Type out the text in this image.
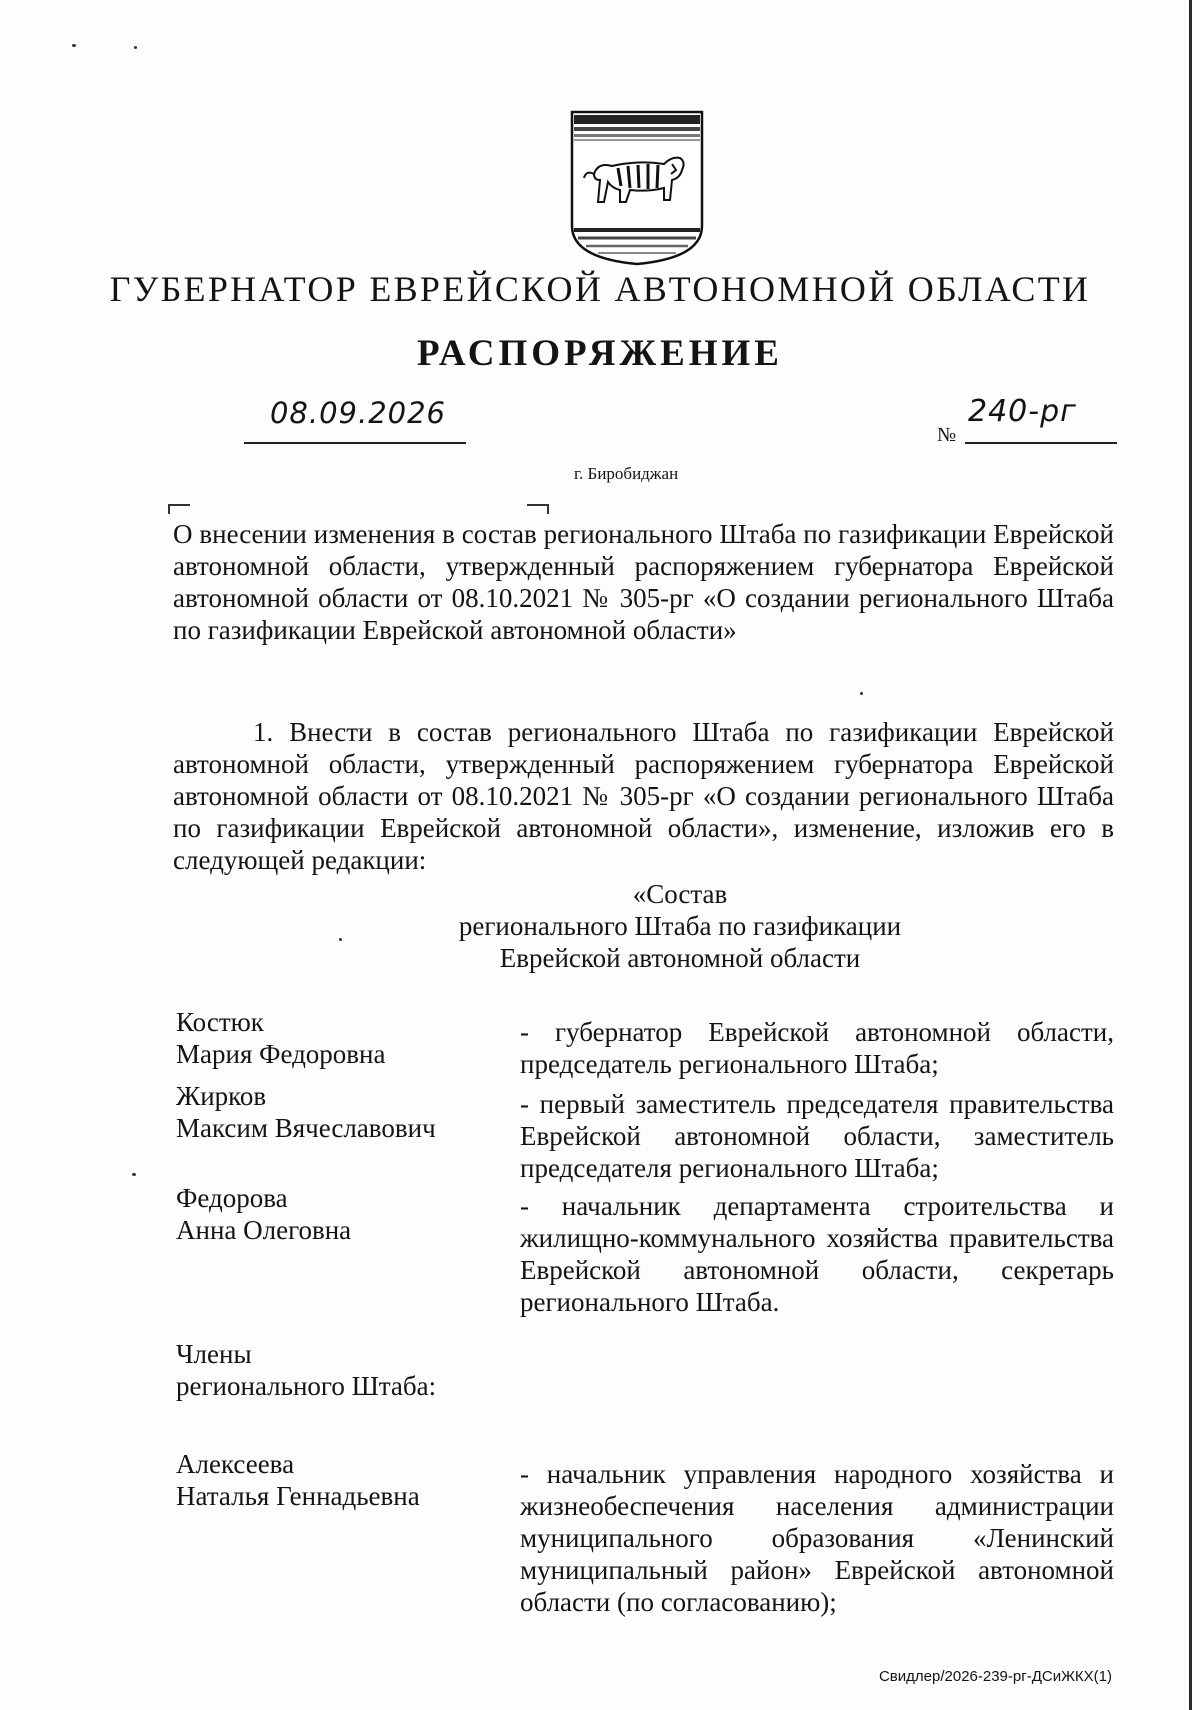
ГУБЕРНАТОР ЕВРЕЙСКОЙ АВТОНОМНОЙ ОБЛАСТИ
РАСПОРЯЖЕНИЕ
08.09.2026
№
240-рг
г. Биробиджан
О внесении изменения в состав регионального Штаба по газификации Еврейской автономной области, утвержденный распоряжением губернатора Еврейской автономной области от 08.10.2021 № 305-рг «О создании регионального Штаба по газификации Еврейской автономной области»
1. Внести в состав регионального Штаба по газификации Еврейской автономной области, утвержденный распоряжением губернатора Еврейской автономной области от 08.10.2021 № 305-рг «О создании регионального Штаба по газификации Еврейской автономной области», изменение, изложив его в следующей редакции:
«Состав
регионального Штаба по газификации
Еврейской автономной области
Костюк
Мария Федоровна
- губернатор Еврейской автономной области, председатель регионального Штаба;
Жирков
Максим Вячеславович
- первый заместитель председателя правительства Еврейской автономной области, заместитель председателя регионального Штаба;
Федорова
Анна Олеговна
- начальник департамента строительства и жилищно-коммунального хозяйства правительства Еврейской автономной области, секретарь регионального Штаба.
Члены
регионального Штаба:
Алексеева
Наталья Геннадьевна
- начальник управления народного хозяйства и жизнеобеспечения населения администрации муниципального образования «Ленинский муниципальный район» Еврейской автономной области (по согласованию);
Свидлер/2026-239-рг-ДСиЖКХ(1)
